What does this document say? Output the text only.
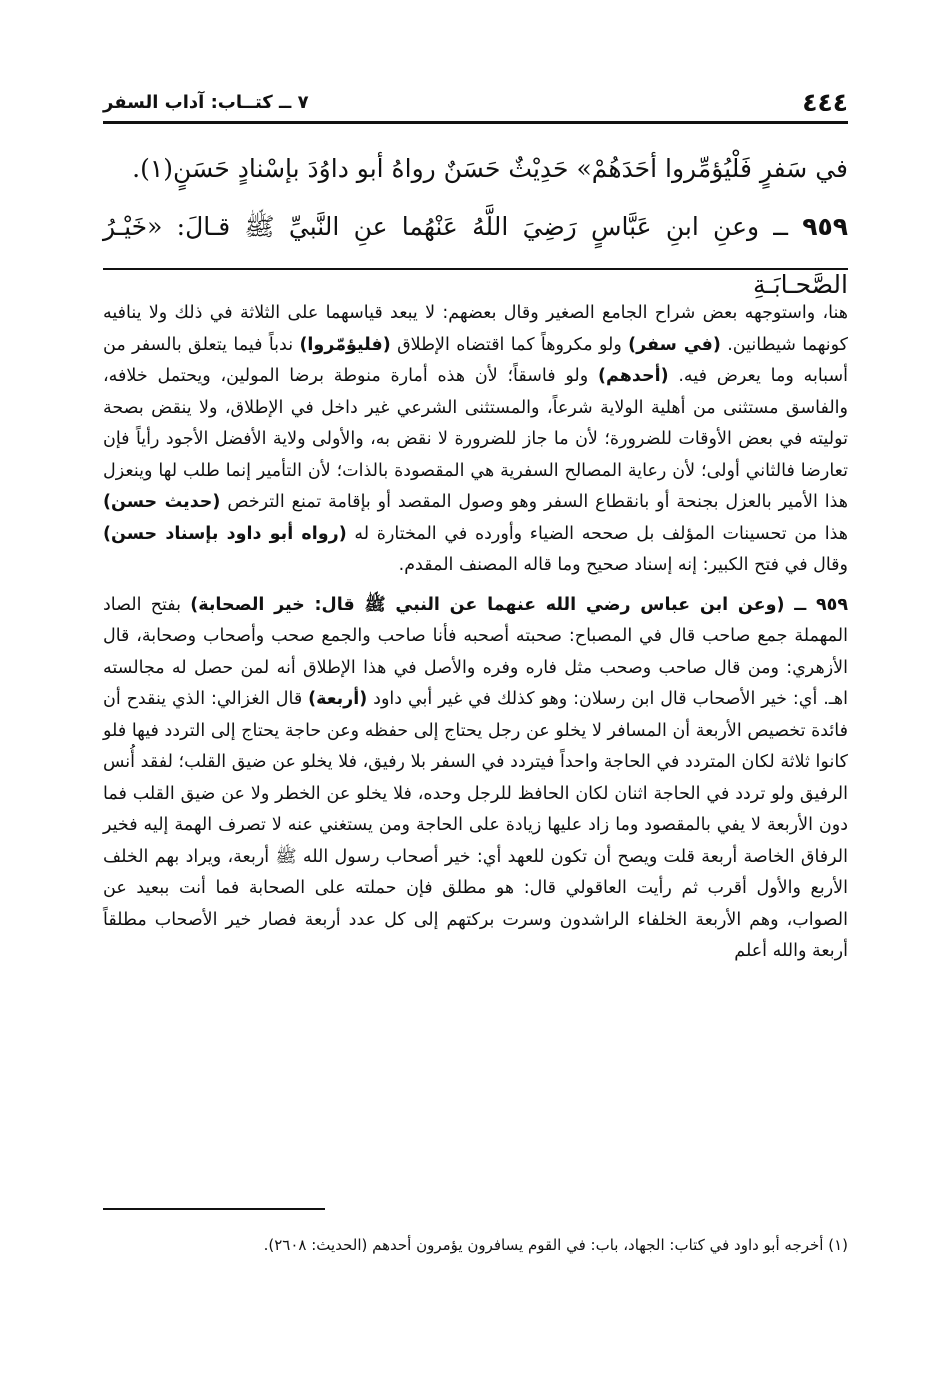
٤٤٤
٧ ــ كتــاب: آداب السفر

في سَفرٍ فَلْيُؤمِّروا أحَدَهُمْ» حَدِيْثٌ حَسَنٌ رواهُ أبو داوُدَ بإسْنادٍ حَسَنٍ(١).

٩٥٩ ــ وعنِ ابنِ عَبَّاسٍ رَضِيَ اللَّهُ عَنْهُما عنِ النَّبيِّ ﷺ قـالَ: «خَيْـرُ الصَّحـابَـةِ

هنا، واستوجهه بعض شراح الجامع الصغير وقال بعضهم: لا يبعد قياسهما على الثلاثة في ذلك ولا ينافيه كونهما شيطانين. (في سفر) ولو مكروهاً كما اقتضاه الإطلاق (فليؤمّروا) ندباً فيما يتعلق بالسفر من أسبابه وما يعرض فيه. (أحدهم) ولو فاسقاً؛ لأن هذه أمارة منوطة برضا المولين، ويحتمل خلافه، والفاسق مستثنى من أهلية الولاية شرعاً، والمستثنى الشرعي غير داخل في الإطلاق، ولا ينقض بصحة توليته في بعض الأوقات للضرورة؛ لأن ما جاز للضرورة لا نقض به، والأولى ولاية الأفضل الأجود رأياً فإن تعارضا فالثاني أولى؛ لأن رعاية المصالح السفرية هي المقصودة بالذات؛ لأن التأمير إنما طلب لها وينعزل هذا الأمير بالعزل بجنحة أو بانقطاع السفر وهو وصول المقصد أو بإقامة تمنع الترخص (حديث حسن) هذا من تحسينات المؤلف بل صححه الضياء وأورده في المختارة له (رواه أبو داود بإسناد حسن) وقال في فتح الكبير: إنه إسناد صحيح وما قاله المصنف المقدم.

٩٥٩ ــ (وعن ابن عباس رضي الله عنهما عن النبي ﷺ قال: خير الصحابة) بفتح الصاد المهملة جمع صاحب قال في المصباح: صحبته أصحبه فأنا صاحب والجمع صحب وأصحاب وصحابة، قال الأزهري: ومن قال صاحب وصحب مثل فاره وفره والأصل في هذا الإطلاق أنه لمن حصل له مجالسته اهـ. أي: خير الأصحاب قال ابن رسلان: وهو كذلك في غير أبي داود (أربعة) قال الغزالي: الذي ينقدح أن فائدة تخصيص الأربعة أن المسافر لا يخلو عن رجل يحتاج إلى حفظه وعن حاجة يحتاج إلى التردد فيها فلو كانوا ثلاثة لكان المتردد في الحاجة واحداً فيتردد في السفر بلا رفيق، فلا يخلو عن ضيق القلب؛ لفقد أُنس الرفيق ولو تردد في الحاجة اثنان لكان الحافظ للرجل وحده، فلا يخلو عن الخطر ولا عن ضيق القلب فما دون الأربعة لا يفي بالمقصود وما زاد عليها زيادة على الحاجة ومن يستغني عنه لا تصرف الهمة إليه فخير الرفاق الخاصة أربعة قلت ويصح أن تكون للعهد أي: خير أصحاب رسول الله ﷺ أربعة، ويراد بهم الخلف الأربع والأول أقرب ثم رأيت العاقولي قال: هو مطلق فإن حملته على الصحابة فما أنت ببعيد عن الصواب، وهم الأربعة الخلفاء الراشدون وسرت بركتهم إلى كل عدد أربعة فصار خير الأصحاب مطلقاً أربعة والله أعلم

(١) أخرجه أبو داود في كتاب: الجهاد، باب: في القوم يسافرون يؤمرون أحدهم (الحديث: ٢٦٠٨).
